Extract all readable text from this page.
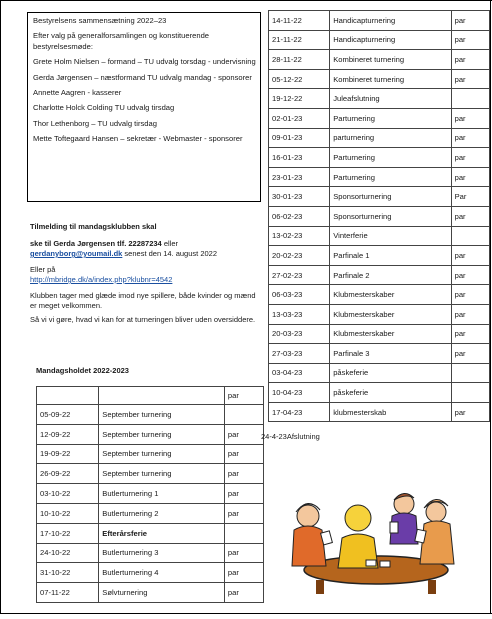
Bestyrelsens sammensætning 2022–23

Efter valg på generalforsamlingen og konstituerende bestyrelsesmøde:

Grete Holm Nielsen – formand – TU udvalg torsdag - undervisning

Gerda Jørgensen – næstformand TU udvalg mandag - sponsorer

Annette Aagren - kasserer

Charlotte Holck Colding TU udvalg tirsdag

Thor Lethenborg – TU udvalg tirsdag

Mette Toftegaard Hansen – sekretær - Webmaster - sponsorer

Tilmelding til mandagsklubben skal

ske til Gerda Jørgensen tlf. 22287234 eller gerdanyborg@youmail.dk senest den 14. august 2022

Eller på

http://mbridge.dk/a/index.php?klubnr=4542

Klubben tager med glæde imod nye spillere, både kvinder og mænd er meget velkommen.

Så vi vi gøre, hvad vi kan for at turneringen bliver uden oversiddere.

Mandagsholdet 2022-2023
		par
05-09-22	September turnering	
12-09-22	September turnering	par
19-09-22	September turnering	par
26-09-22	September turnering	par
03-10-22	Butlerturnering 1	par
10-10-22	Butlerturnering 2	par
17-10-22	Efterårsferie	
24-10-22	Butlerturnering 3	par
31-10-22	Butlerturnering 4	par
07-11-22	Sølvturnering	par
14-11-22	Handicapturnering	par
21-11-22	Handicapturnering	par
28-11-22	Kombineret turnering	par
05-12-22	Kombineret turnering	par
19-12-22	Juleafslutning	
02-01-23	Parturnering	par
09-01-23	parturnering	par
16-01-23	Parturnering	par
23-01-23	Parturnering	par
30-01-23	Sponsorturnering	Par
06-02-23	Sponsorturnering	par
13-02-23	Vinterferie	
20-02-23	Parfinale 1	par
27-02-23	Parfinale 2	par
06-03-23	Klubmesterskaber	par
13-03-23	Klubmesterskaber	par
20-03-23	Klubmesterskaber	par
27-03-23	Parfinale 3	par
03-04-23	påskeferie	
10-04-23	påskeferie	
17-04-23	klubmesterskab	par
24-4-23Afslutning
